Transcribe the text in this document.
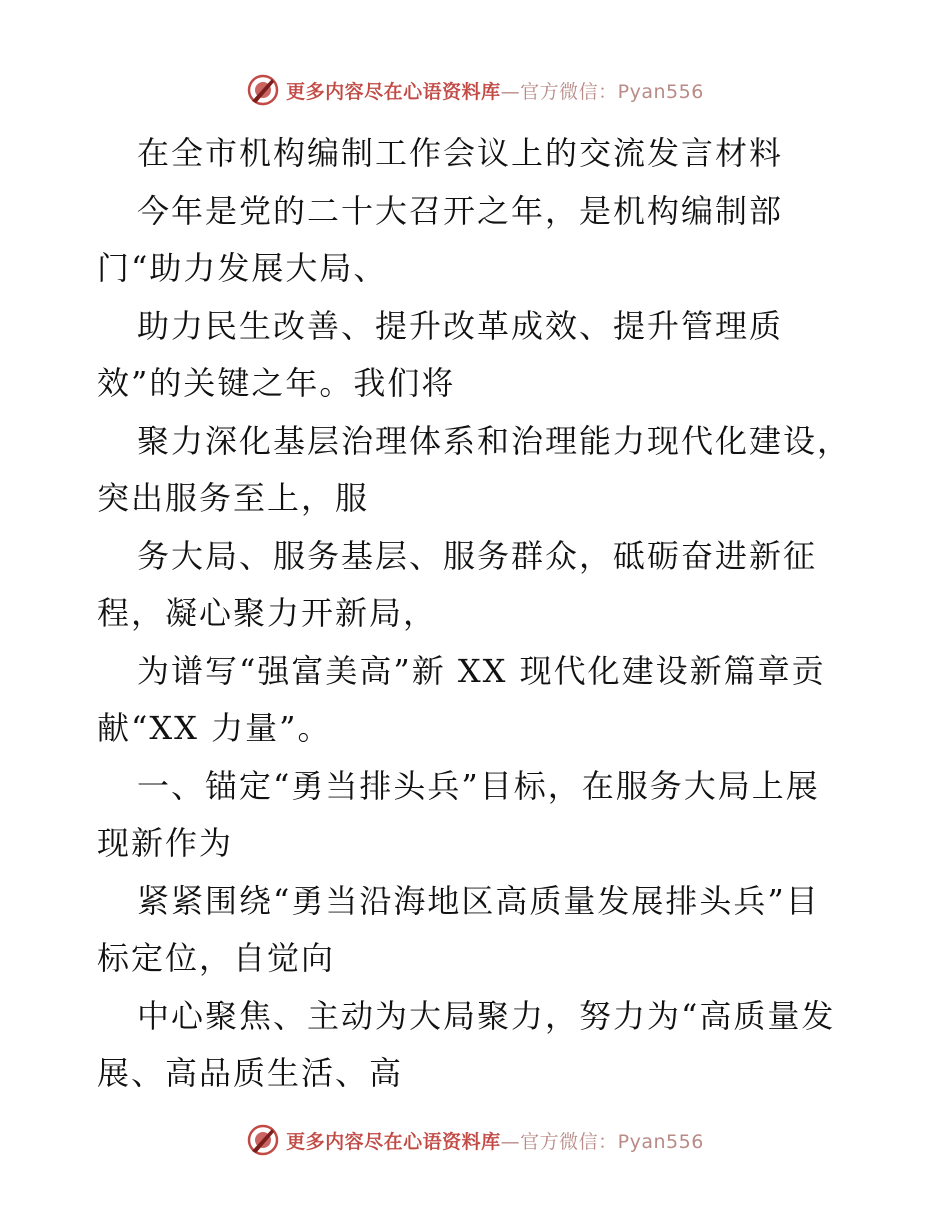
更多内容尽在心语资料库—官方微信：Pyan556
在全市机构编制工作会议上的交流发言材料
今年是党的二十大召开之年，是机构编制部
门“助力发展大局、
助力民生改善、提升改革成效、提升管理质
效”的关键之年。我们将
聚力深化基层治理体系和治理能力现代化建设，
突出服务至上，服
务大局、服务基层、服务群众，砥砺奋进新征
程，凝心聚力开新局，
为谱写“强富美高”新 XX 现代化建设新篇章贡
献“XX 力量”。
一、锚定“勇当排头兵”目标，在服务大局上展
现新作为
紧紧围绕“勇当沿海地区高质量发展排头兵”目
标定位，自觉向
中心聚焦、主动为大局聚力，努力为“高质量发
展、高品质生活、高
更多内容尽在心语资料库—官方微信：Pyan556
